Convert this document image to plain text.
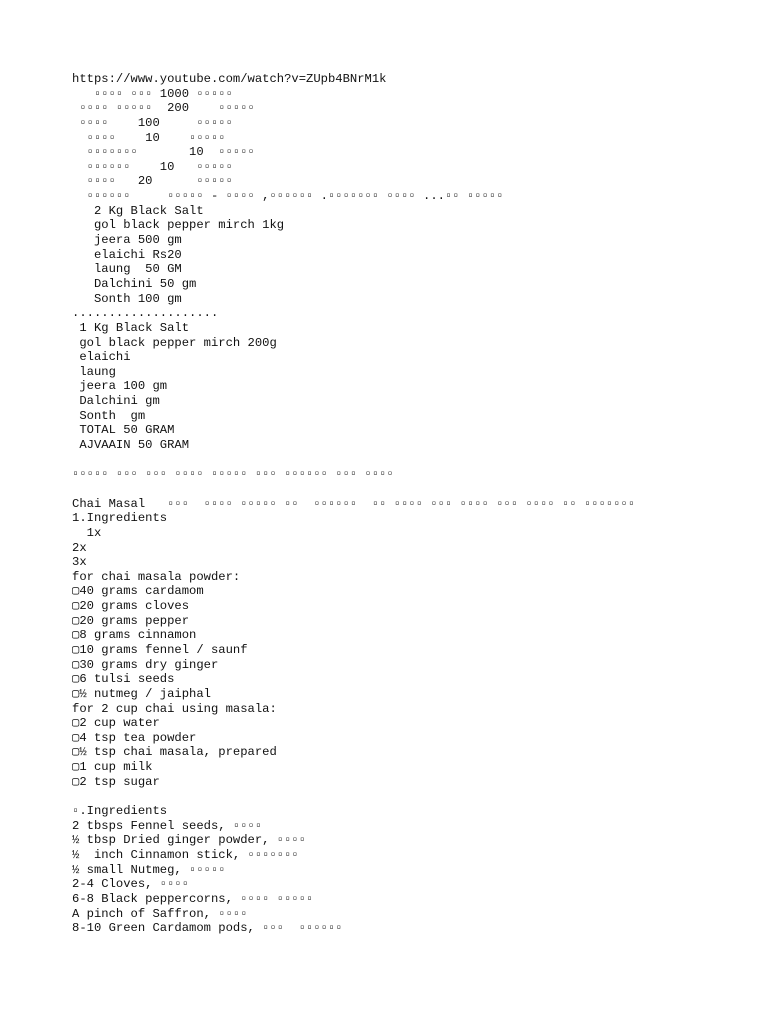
https://www.youtube.com/watch?v=ZUpb4BNrM1k
▫▫▫▫ ▫▫▫ 1000 ▫▫▫▫▫
▫▫▫▫ ▫▫▫▫▫  200    ▫▫▫▫▫
▫▫▫▫    100     ▫▫▫▫▫
▫▫▫▫    10    ▫▫▫▫▫
▫▫▫▫▫▫▫       10  ▫▫▫▫▫
▫▫▫▫▫▫    10   ▫▫▫▫▫
▫▫▫▫   20      ▫▫▫▫▫
▫▫▫▫▫▫     ▫▫▫▫▫ - ▫▫▫▫ ,▫▫▫▫▫▫ .▫▫▫▫▫▫▫ ▫▫▫▫ ...▫▫ ▫▫▫▫▫
2 Kg Black Salt
gol black pepper mirch 1kg
jeera 500 gm
elaichi Rs20
laung  50 GM
Dalchini 50 gm
Sonth 100 gm
....................
1 Kg Black Salt
gol black pepper mirch 200g
elaichi
laung
jeera 100 gm
Dalchini gm
Sonth  gm
TOTAL 50 GRAM
AJVAAIN 50 GRAM
▫▫▫▫▫ ▫▫▫ ▫▫▫ ▫▫▫▫ ▫▫▫▫▫ ▫▫▫ ▫▫▫▫▫▫ ▫▫▫ ▫▫▫▫
Chai Masal   ▫▫▫  ▫▫▫▫ ▫▫▫▫▫ ▫▫  ▫▫▫▫▫▫  ▫▫ ▫▫▫▫ ▫▫▫ ▫▫▫▫ ▫▫▫ ▫▫▫▫ ▫▫ ▫▫▫▫▫▫▫
1.Ingredients
1x
2x
3x
for chai masala powder:
▢40 grams cardamom
▢20 grams cloves
▢20 grams pepper
▢8 grams cinnamon
▢10 grams fennel / saunf
▢30 grams dry ginger
▢6 tulsi seeds
▢½ nutmeg / jaiphal
for 2 cup chai using masala:
▢2 cup water
▢4 tsp tea powder
▢½ tsp chai masala, prepared
▢1 cup milk
▢2 tsp sugar
▫.Ingredients
2 tbsps Fennel seeds, ▫▫▫▫
½ tbsp Dried ginger powder, ▫▫▫▫
½  inch Cinnamon stick, ▫▫▫▫▫▫▫
½ small Nutmeg, ▫▫▫▫▫
2-4 Cloves, ▫▫▫▫
6-8 Black peppercorns, ▫▫▫▫ ▫▫▫▫▫
A pinch of Saffron, ▫▫▫▫
8-10 Green Cardamom pods, ▫▫▫  ▫▫▫▫▫▫
